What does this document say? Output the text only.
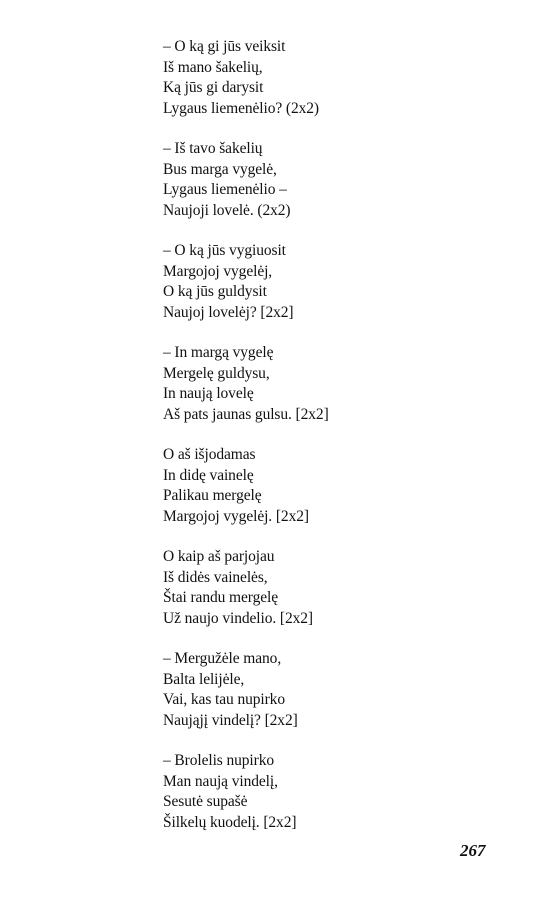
– O ką gi jūs veiksit
Iš mano šakelių,
Ką jūs gi darysit
Lygaus liemenėlio? (2x2)
– Iš tavo šakelių
Bus marga vygelė,
Lygaus liemenėlio –
Naujoji lovelė. (2x2)
– O ką jūs vygiuosit
Margojoj vygelėj,
O ką jūs guldysit
Naujoj lovelėj? [2x2]
– In margą vygelę
Mergelę guldysu,
In naują lovelę
Aš pats jaunas gulsu. [2x2]
O aš išjodamas
In didę vainelę
Palikau mergelę
Margojoj vygelėj. [2x2]
O kaip aš parjojau
Iš didės vainelės,
Štai randu mergelę
Už naujo vindelio. [2x2]
– Mergužėle mano,
Balta lelijėle,
Vai, kas tau nupirko
Naująjį vindelį? [2x2]
– Brolelis nupirko
Man naują vindelį,
Sesutė supašė
Šilkelų kuodelį. [2x2]
267
